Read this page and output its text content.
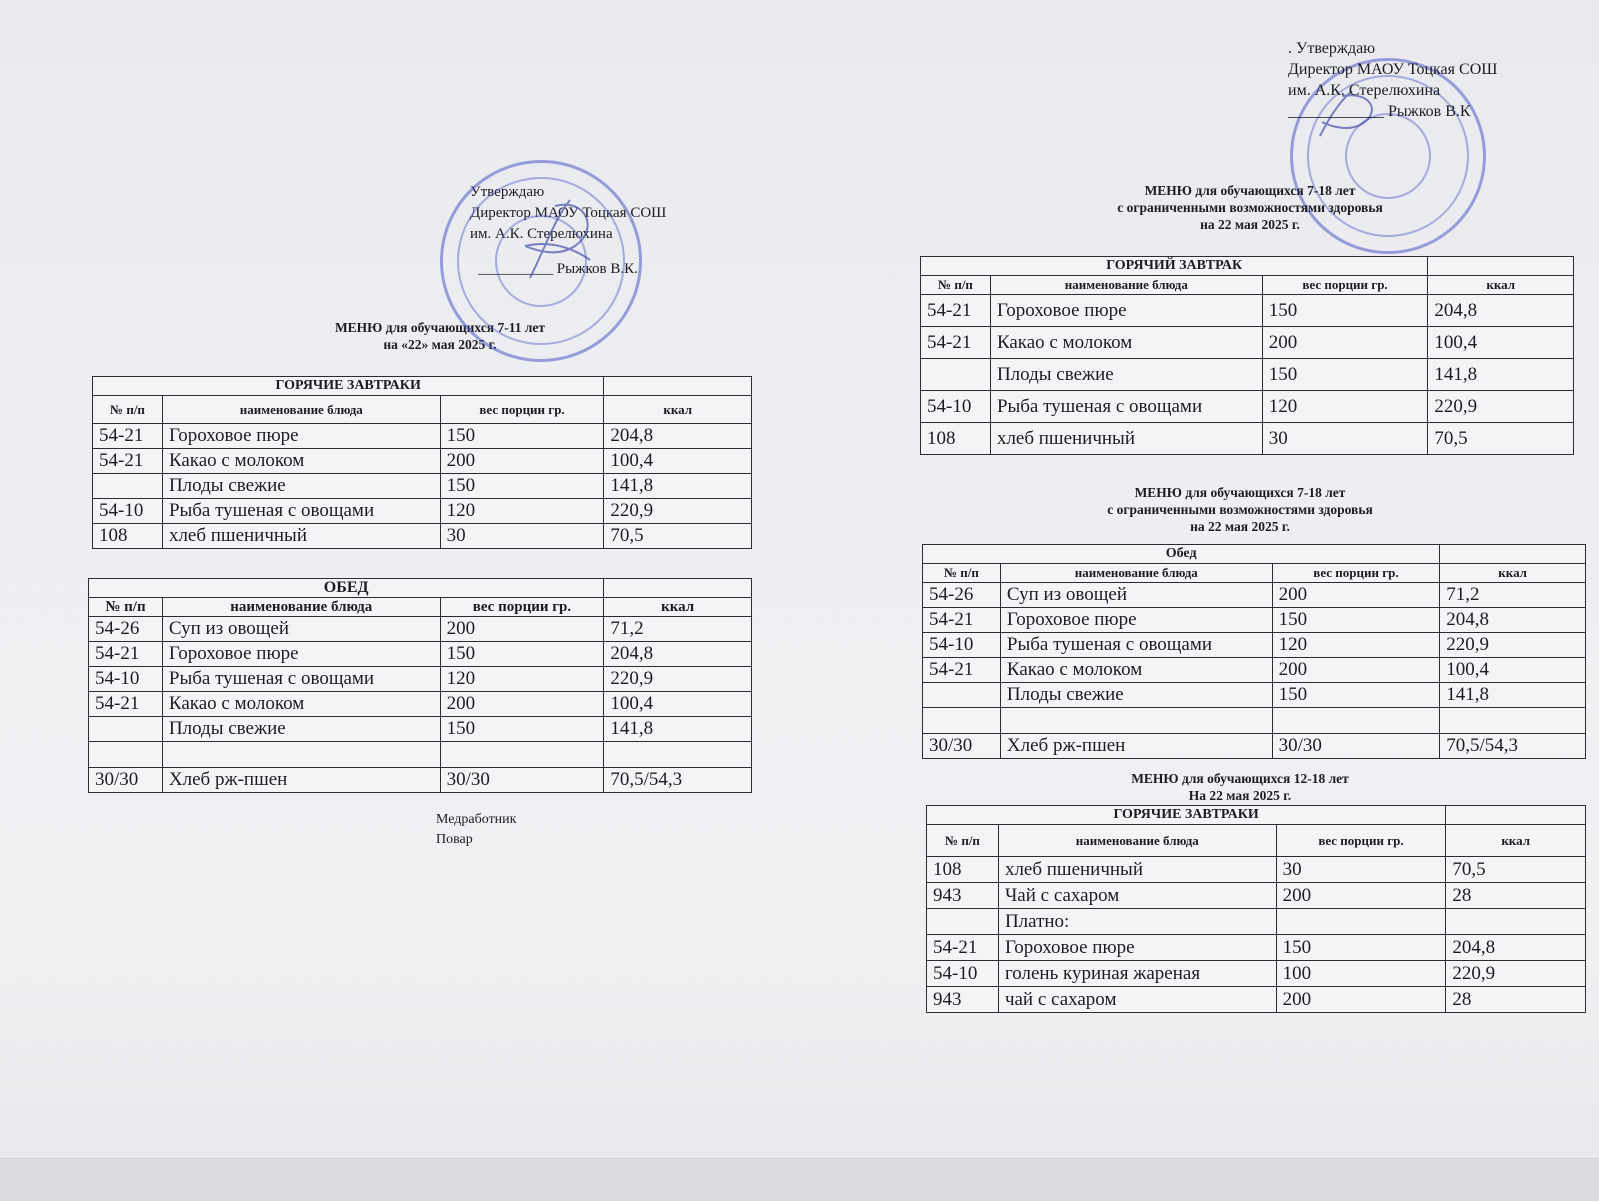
Утверждаю
Директор МАОУ Тоцкая СОШ
им. А.К. Стерелюхина
__________ Рыжков В.К.
МЕНЮ для обучающихся 7-11 лет
на «22» мая 2025 г.
ГОРЯЧИЕ ЗАВТРАКИ			
№ п/п	наименование блюда	вес порции гр.	ккал
54-21	Гороховое пюре	150	204,8
54-21	Какао с молоком	200	100,4
	Плоды свежие	150	141,8
54-10	Рыба тушеная с овощами	120	220,9
108	хлеб пшеничный	30	70,5
ОБЕД			
№ п/п	наименование блюда	вес порции гр.	ккал
54-26	Суп из овощей	200	71,2
54-21	Гороховое пюре	150	204,8
54-10	Рыба тушеная с овощами	120	220,9
54-21	Какао с молоком	200	100,4
	Плоды свежие	150	141,8

30/30	Хлеб рж-пшен	30/30	70,5/54,3
Медработник
Повар
. Утверждаю
Директор МАОУ Тоцкая СОШ
им. А.К. Стерелюхина
____________ Рыжков В.К
МЕНЮ для обучающихся 7-18 лет
с ограниченными возможностями здоровья
на 22 мая 2025 г.
ГОРЯЧИЙ ЗАВТРАК			
№ п/п	наименование блюда	вес порции гр.	ккал
54-21	Гороховое пюре	150	204,8
54-21	Какао с молоком	200	100,4
	Плоды свежие	150	141,8
54-10	Рыба тушеная с овощами	120	220,9
108	хлеб пшеничный	30	70,5
МЕНЮ для обучающихся 7-18 лет
с ограниченными возможностями здоровья
на 22 мая 2025 г.
Обед			
№ п/п	наименование блюда	вес порции гр.	ккал
54-26	Суп из овощей	200	71,2
54-21	Гороховое пюре	150	204,8
54-10	Рыба тушеная с овощами	120	220,9
54-21	Какао с молоком	200	100,4
	Плоды свежие	150	141,8

30/30	Хлеб рж-пшен	30/30	70,5/54,3
МЕНЮ для обучающихся 12-18 лет
На 22 мая 2025 г.
ГОРЯЧИЕ ЗАВТРАКИ			
№ п/п	наименование блюда	вес порции гр.	ккал
108	хлеб пшеничный	30	70,5
943	Чай с сахаром	200	28
	Платно:		
54-21	Гороховое пюре	150	204,8
54-10	голень куриная жареная	100	220,9
943	чай с сахаром	200	28
